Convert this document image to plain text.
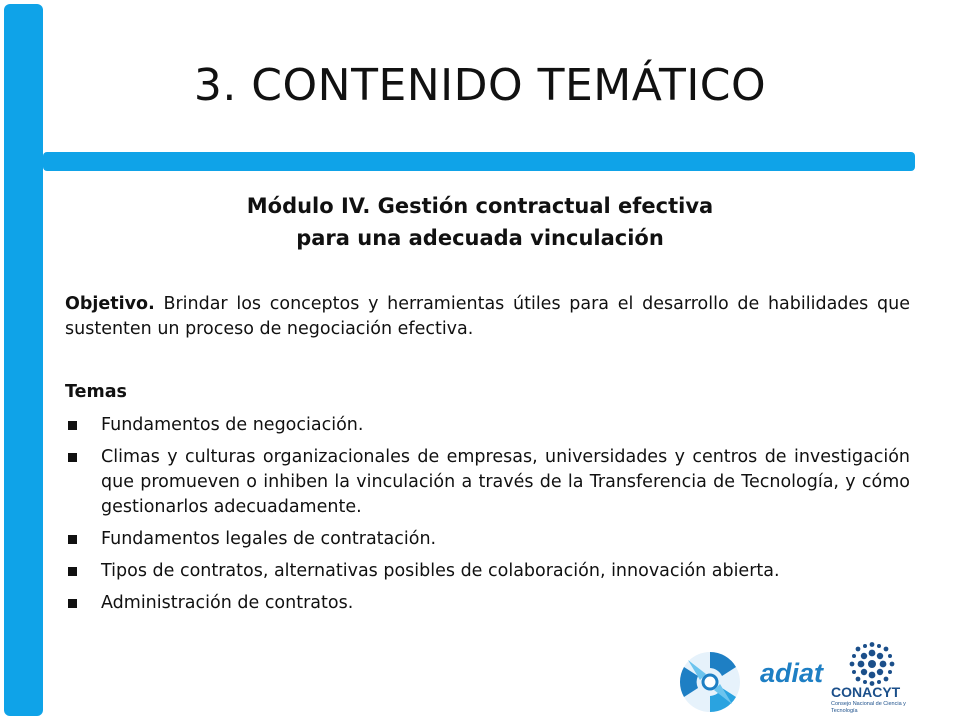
3. CONTENIDO TEMÁTICO
Módulo IV. Gestión contractual efectiva
para una adecuada vinculación
Objetivo. Brindar los conceptos y herramientas útiles para el desarrollo de habilidades que sustenten un proceso de negociación efectiva.
Temas
Fundamentos de negociación.
Climas y culturas organizacionales de empresas, universidades y centros de investigación que promueven o inhiben la vinculación a través de la Transferencia de Tecnología, y cómo gestionarlos adecuadamente.
Fundamentos legales de contratación.
Tipos de contratos, alternativas posibles de colaboración, innovación abierta.
Administración de contratos.
adiat
CONACYT
Consejo Nacional de Ciencia y Tecnología
